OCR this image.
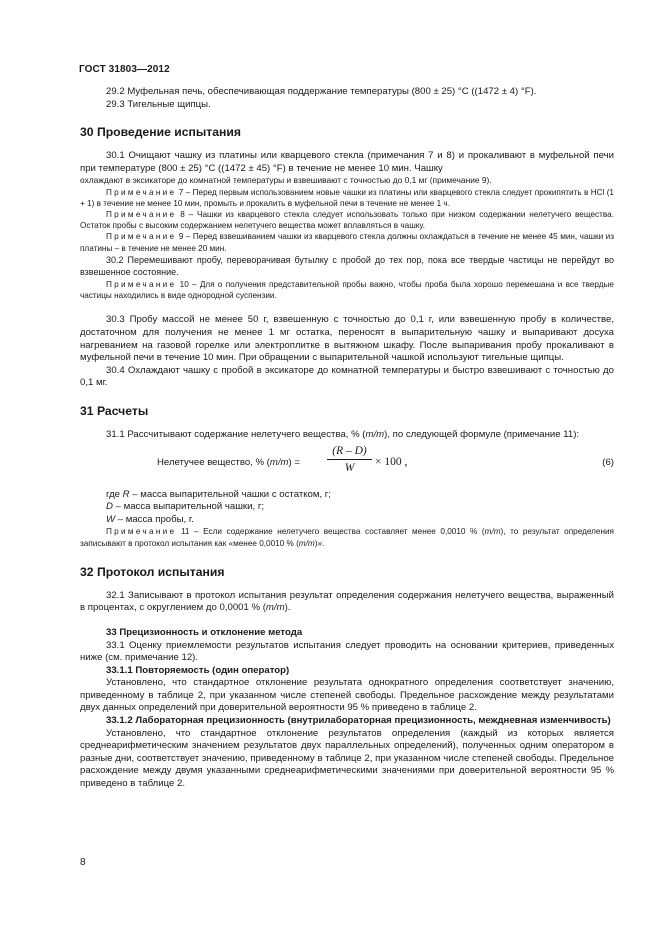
ГОСТ 31803—2012

29.2 Муфельная печь, обеспечивающая поддержание температуры (800 ± 25) °С ((1472 ± 4) °F).

29.3 Тигельные щипцы.

30 Проведение испытания

30.1 Очищают чашку из платины или кварцевого стекла (примечания 7 и 8) и прокаливают в муфельной печи при температуре (800 ± 25) °С ((1472 ± 45) °F) в течение не менее 10 мин. Чашку

охлаждают в эксикаторе до комнатной температуры и взвешивают с точностью до 0,1 мг (примечание 9).

Примечание 7 – Перед первым использованием новые чашки из платины или кварцевого стекла следует прокипятить в HCl (1 + 1) в течение не менее 10 мин, промыть и прокалить в муфельной печи в течение не менее 1 ч.

Примечание 8 – Чашки из кварцевого стекла следует использовать только при низком содержании нелетучего вещества. Остаток пробы с высоким содержанием нелетучего вещества может вплавляться в чашку.

Примечание 9 – Перед взвешиванием чашки из кварцевого стекла должны охлаждаться в течение не менее 45 мин, чашки из платины – в течение не менее 20 мин.

30.2 Перемешивают пробу, переворачивая бутылку с пробой до тех пор, пока все твердые частицы не перейдут во взвешенное состояние.

Примечание 10 – Для о получения представительной пробы важно, чтобы проба была хорошо перемешана и все твердые частицы находились в виде однородной суспензии.

30.3 Пробу массой не менее 50 г, взвешенную с точностью до 0,1 г, или взвешенную пробу в количестве, достаточном для получения не менее 1 мг остатка, переносят в выпарительную чашку и выпаривают досуха нагреванием на газовой горелке или электроплитке в вытяжном шкафу. После выпаривания пробу прокаливают в муфельной печи в течение 10 мин. При обращении с выпарительной чашкой используют тигельные щипцы.

30.4 Охлаждают чашку с пробой в эксикаторе до комнатной температуры и быстро взвешивают с точностью до 0,1 мг.

31 Расчеты

31.1 Рассчитывают содержание нелетучего вещества, % (m/m), по следующей формуле (примечание 11):

Нелетучее вещество, % $(m/m) = \frac{(R - D)}{W} \times 100$ ,	(6)

где R – масса выпарительной чашки с остатком, г;

D – масса выпарительной чашки, г;

W – масса пробы, г.

Примечание 11 – Если содержание нелетучего вещества составляет менее 0,0010 % (m/m), то результат определения записывают в протокол испытания как «менее 0,0010 % (m/m)».

32 Протокол испытания

32.1 Записывают в протокол испытания результат определения содержания нелетучего вещества, выраженный в процентах, с округлением до 0,0001 % (m/m).

33 Прецизионность и отклонение метода

33.1 Оценку приемлемости результатов испытания следует проводить на основании критериев, приведенных ниже (см. примечание 12).

33.1.1 Повторяемость (один оператор)

Установлено, что стандартное отклонение результата однократного определения соответствует значению, приведенному в таблице 2, при указанном числе степеней свободы. Предельное расхождение между результатами двух данных определений при доверительной вероятности 95 % приведено в таблице 2.

33.1.2 Лабораторная прецизионность (внутрилабораторная прецизионность, междневная изменчивость)

Установлено, что стандартное отклонение результатов определения (каждый из которых является среднеарифметическим значением результатов двух параллельных определений), полученных одним оператором в разные дни, соответствует значению, приведенному в таблице 2, при указанном числе степеней свободы. Предельное расхождение между двумя указанными среднеарифметическими значениями при доверительной вероятности 95 % приведено в таблице 2.

8
